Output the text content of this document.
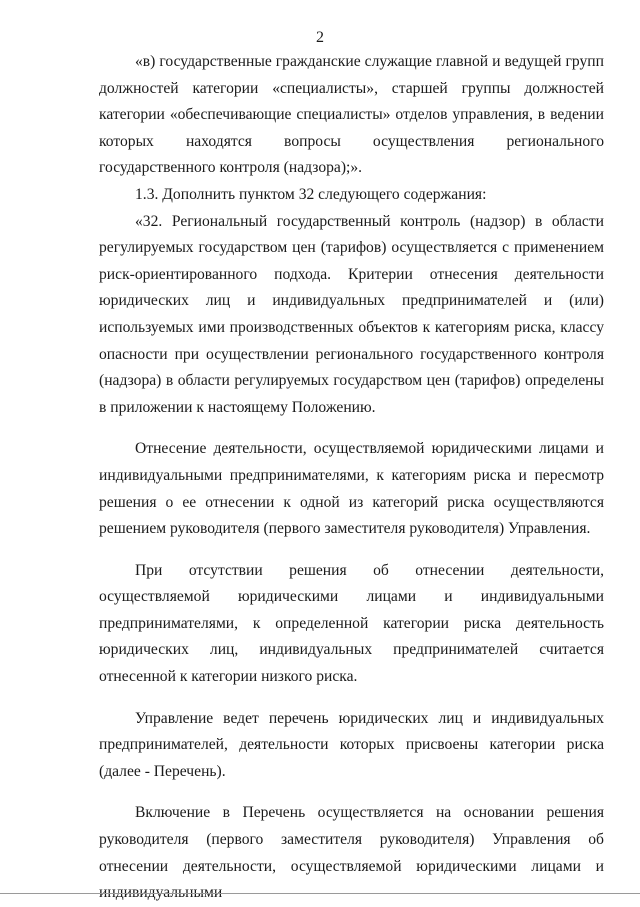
2

«в) государственные гражданские служащие главной и ведущей групп должностей категории «специалисты», старшей группы должностей категории «обеспечивающие специалисты» отделов управления, в ведении которых находятся вопросы осуществления регионального государственного контроля (надзора);».

1.3. Дополнить пунктом 32 следующего содержания:

«32. Региональный государственный контроль (надзор) в области регулируемых государством цен (тарифов) осуществляется с применением риск-ориентированного подхода. Критерии отнесения деятельности юридических лиц и индивидуальных предпринимателей и (или) используемых ими производственных объектов к категориям риска, классу опасности при осуществлении регионального государственного контроля (надзора) в области регулируемых государством цен (тарифов) определены в приложении к настоящему Положению.

Отнесение деятельности, осуществляемой юридическими лицами и индивидуальными предпринимателями, к категориям риска и пересмотр решения о ее отнесении к одной из категорий риска осуществляются решением руководителя (первого заместителя руководителя) Управления.

При отсутствии решения об отнесении деятельности, осуществляемой юридическими лицами и индивидуальными предпринимателями, к определенной категории риска деятельность юридических лиц, индивидуальных предпринимателей считается отнесенной к категории низкого риска.

Управление ведет перечень юридических лиц и индивидуальных предпринимателей, деятельности которых присвоены категории риска (далее - Перечень).

Включение в Перечень осуществляется на основании решения руководителя (первого заместителя руководителя) Управления об отнесении деятельности, осуществляемой юридическими лицами и индивидуальными
